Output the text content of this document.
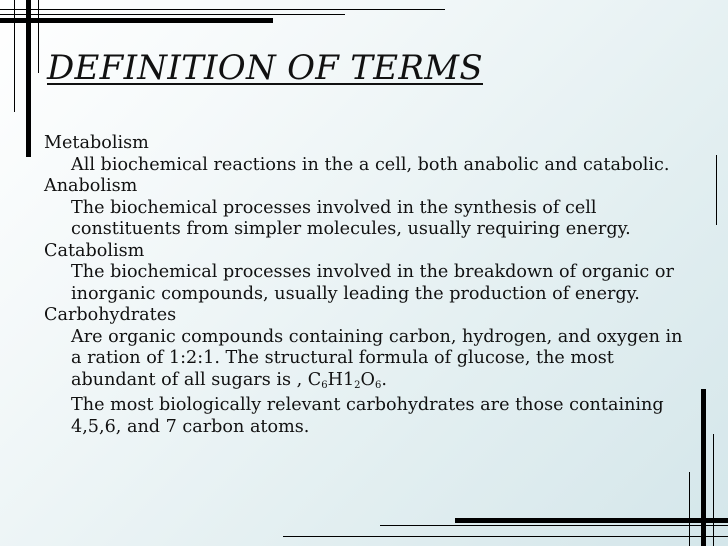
DEFINITION OF TERMS

Metabolism

All biochemical reactions in the a cell, both anabolic and catabolic.

Anabolism

The biochemical processes involved in the synthesis of cell
constituents from simpler molecules, usually requiring energy.

Catabolism

The biochemical processes involved in the breakdown of organic or
inorganic compounds, usually leading the production of energy.

Carbohydrates

Are organic compounds containing carbon, hydrogen, and oxygen in
a ration of 1:2:1. The structural formula of glucose, the most
abundant of all sugars is , $C_6H1_2O_6$.
The most biologically relevant carbohydrates are those containing
4,5,6, and 7 carbon atoms.
